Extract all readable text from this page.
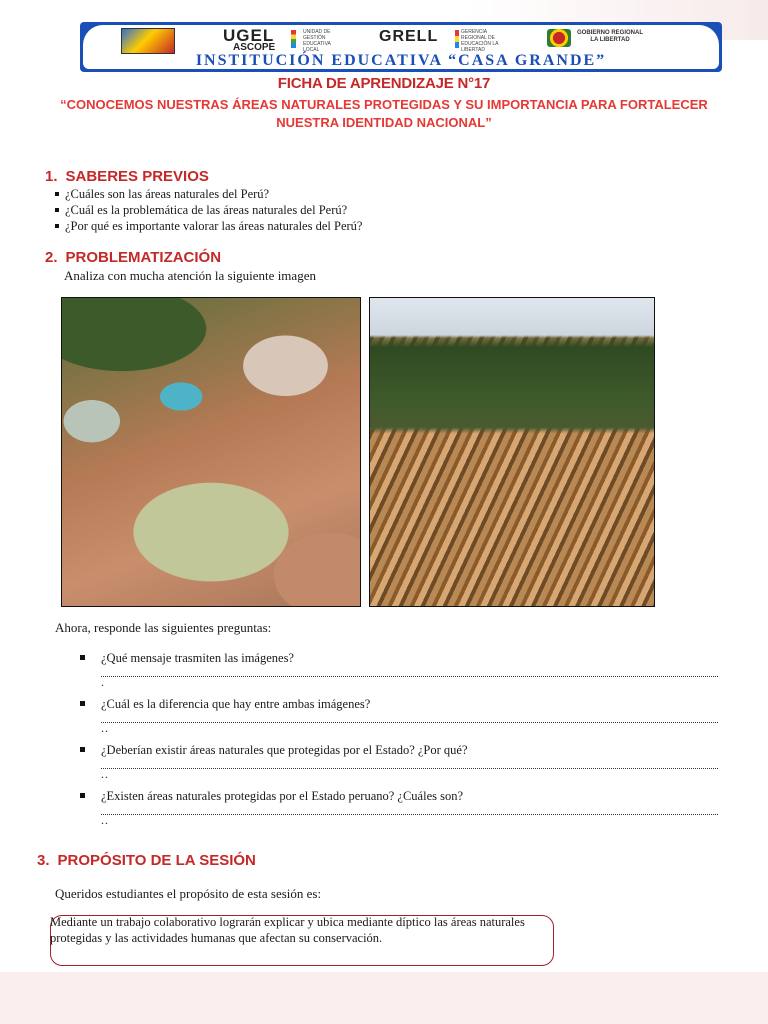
UGEL	UNIDAD DE GESTIÓN EDUCATIVA LOCAL
ASCOPE
GRELL	GERENCIA REGIONAL DE EDUCACIÓN LA LIBERTAD
GOBIERNO REGIONAL
LA LIBERTAD
INSTITUCIÓN EDUCATIVA “CASA GRANDE”
FICHA DE APRENDIZAJE N°17
“CONOCEMOS NUESTRAS ÁREAS NATURALES PROTEGIDAS Y SU IMPORTANCIA PARA FORTALECER NUESTRA IDENTIDAD NACIONAL”
1. SABERES PREVIOS
¿Cuáles son las áreas naturales del Perú?
¿Cuál es la problemática de las áreas naturales del Perú?
¿Por qué es importante valorar las áreas naturales del Perú?
2. PROBLEMATIZACIÓN
Analiza con mucha atención la siguiente imagen
Ahora, responde las siguientes preguntas:
¿Qué mensaje trasmiten las imágenes?
.
¿Cuál es la diferencia que hay entre ambas imágenes?
..
¿Deberían existir áreas naturales que protegidas por el Estado? ¿Por qué?
..
¿Existen áreas naturales protegidas por el Estado peruano? ¿Cuáles son?
..
3. PROPÓSITO DE LA SESIÓN
Queridos estudiantes el propósito de esta sesión es:
Mediante un trabajo colaborativo lograrán explicar y ubica mediante díptico las áreas naturales protegidas y las actividades humanas que afectan su conservación.
